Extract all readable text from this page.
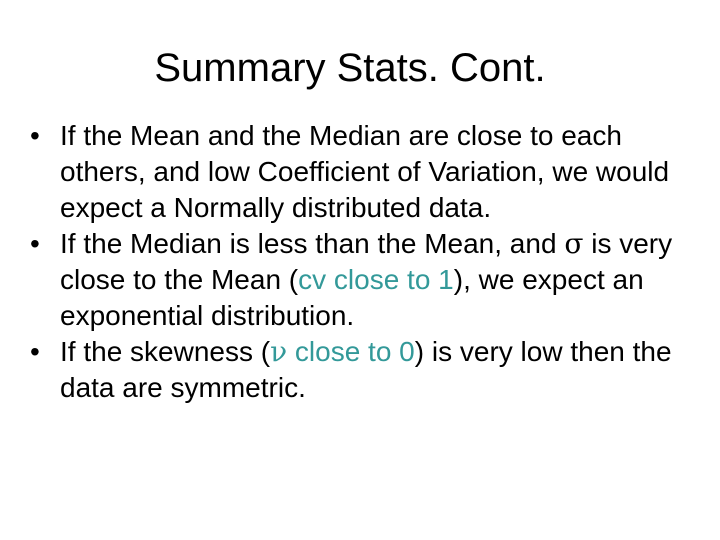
Summary Stats. Cont.
• If the Mean and the Median are close to each others, and low Coefficient of Variation, we would expect a Normally distributed data.
• If the Median is less than the Mean, and σ is very close to the Mean (cv close to 1), we expect an exponential distribution.
• If the skewness (ν close to 0) is very low then the data are symmetric.
